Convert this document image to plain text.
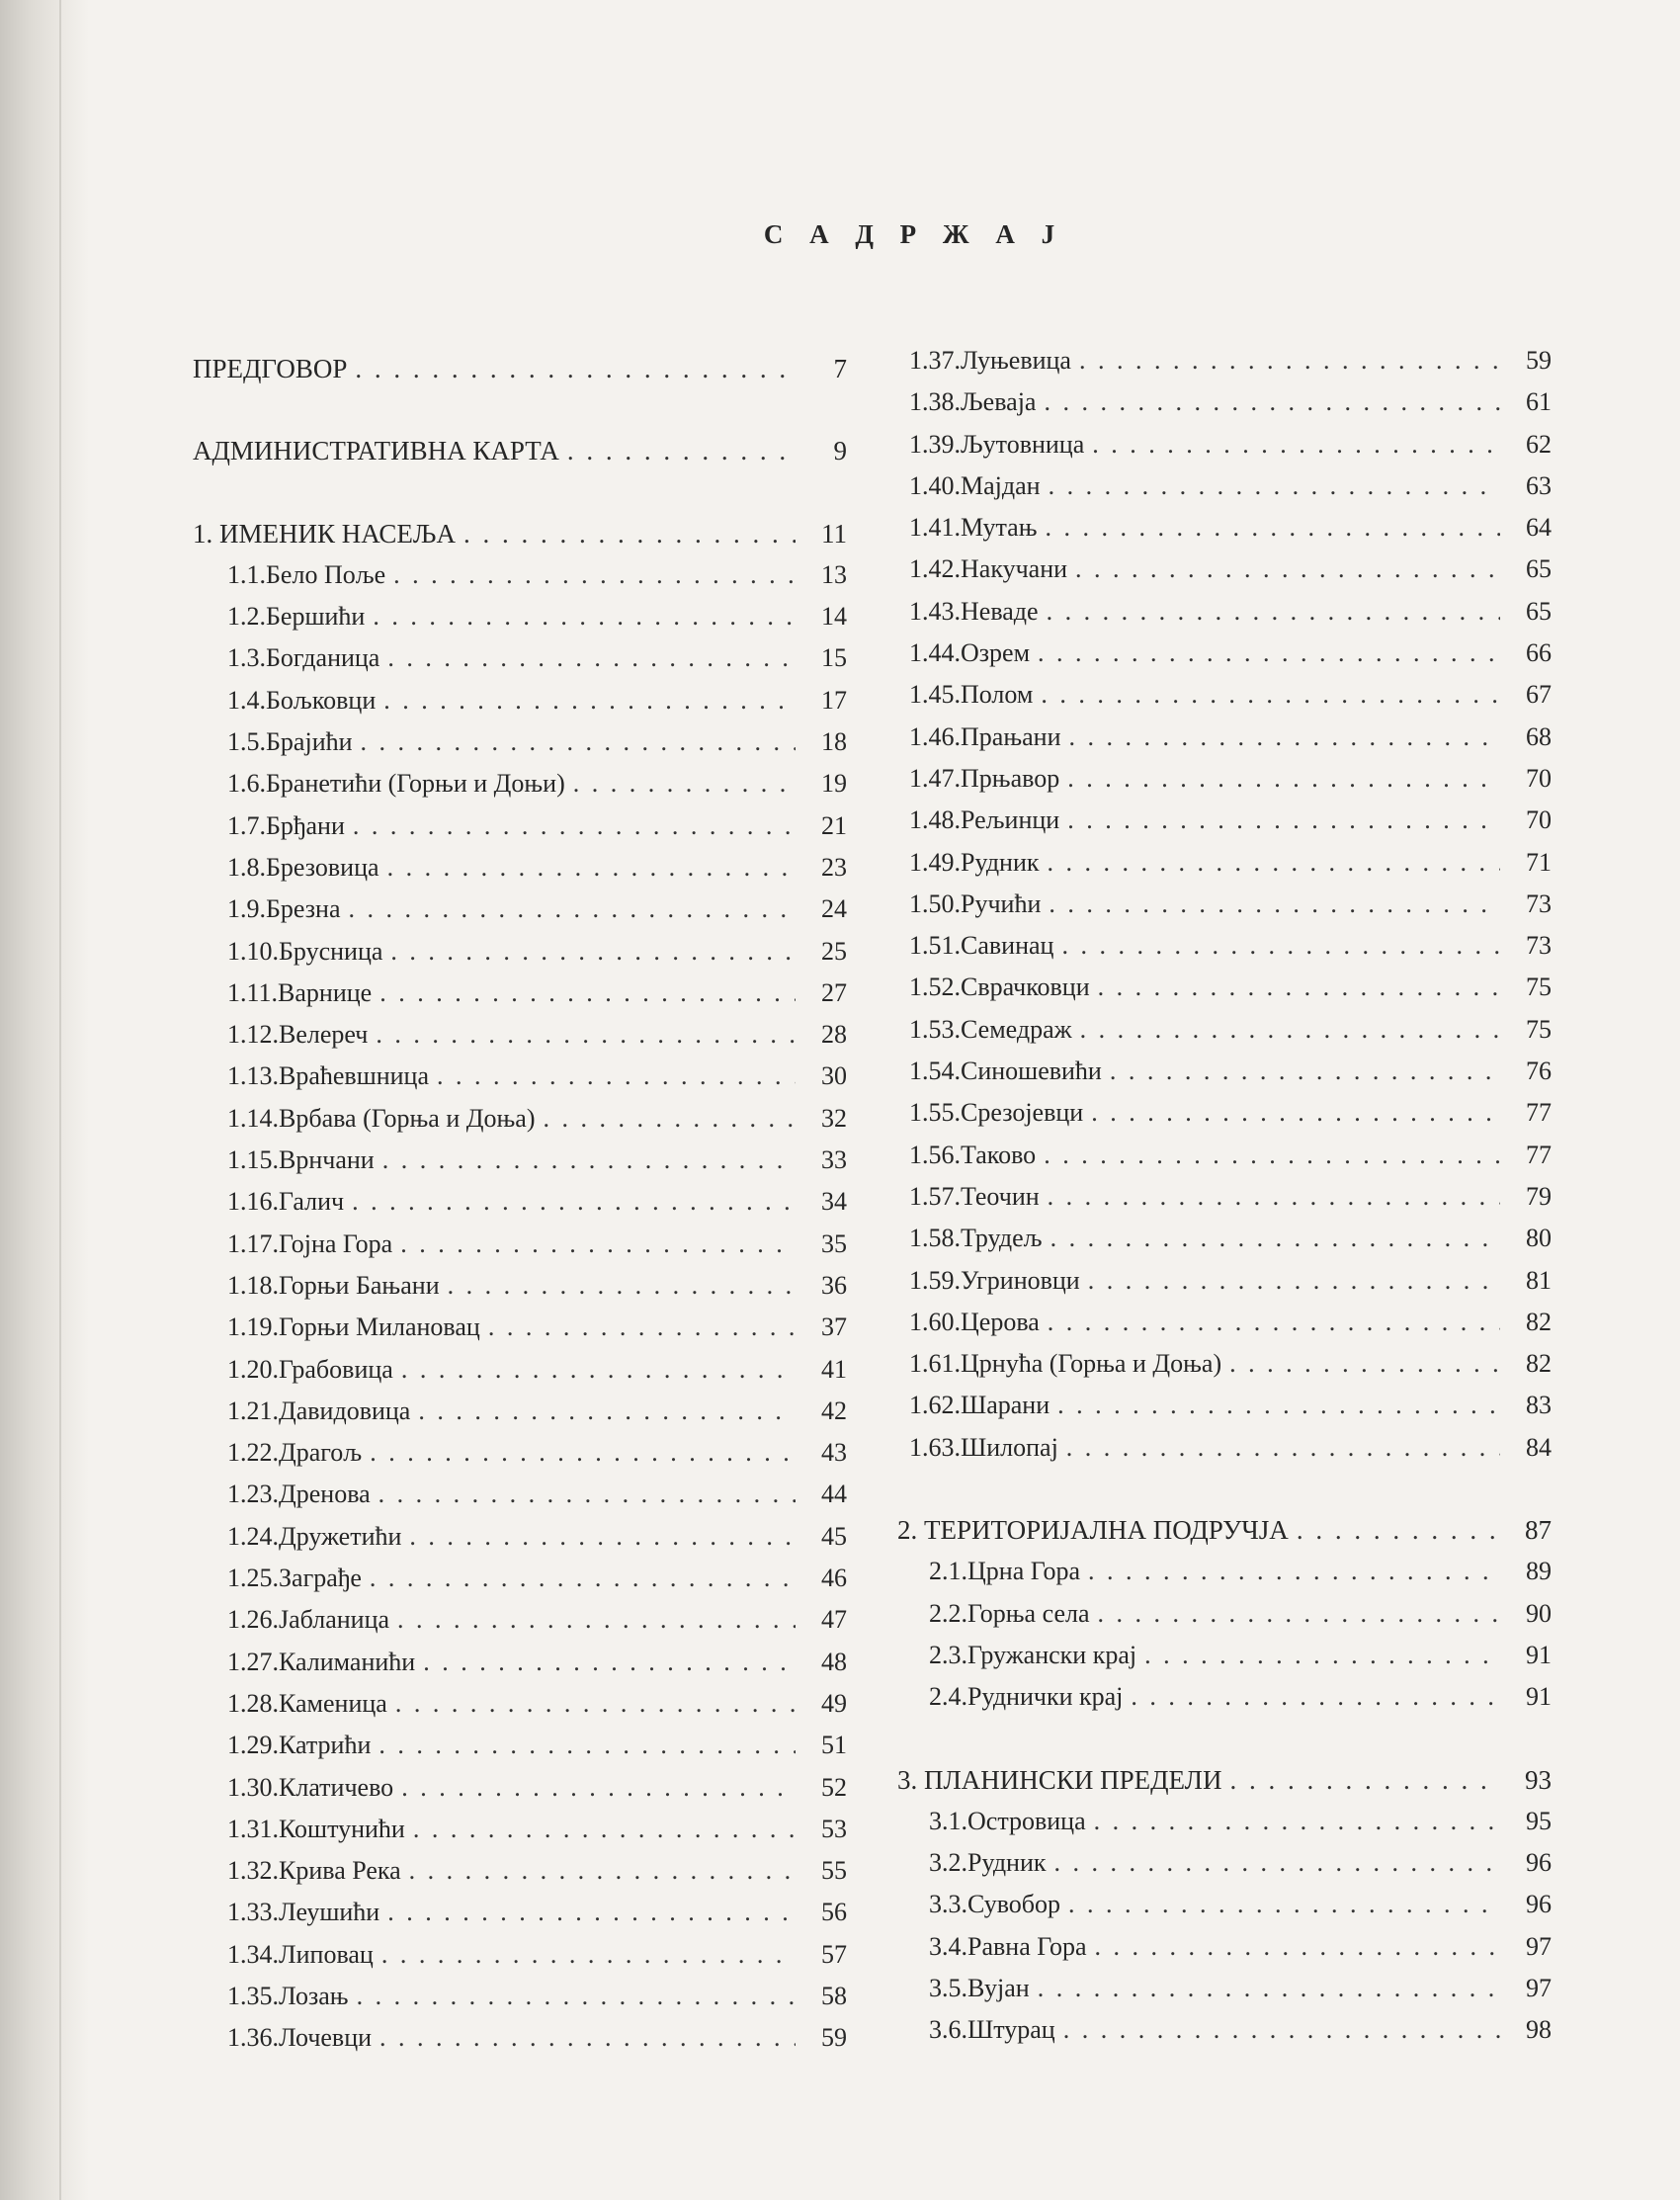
С А Д Р Ж А Ј
ПРЕДГОВОР . . .	7
АДМИНИСТРАТИВНА КАРТА . . .	9
1. ИМЕНИК НАСЕЉА . . .	11
1.1. Бело Поље . . .	13
1.2. Бершићи . . .	14
1.3. Богданица . . .	15
1.4. Бољковци . . .	17
1.5. Брајићи . . .	18
1.6. Бранетићи (Горњи и Доњи) . . .	19
1.7. Брђани . . .	21
1.8. Брезовица . . .	23
1.9. Брезна . . .	24
1.10. Брусница . . .	25
1.11. Варнице . . .	27
1.12. Велереч . . .	28
1.13. Враћевшница . . .	30
1.14. Врбава (Горња и Доња) . . .	32
1.15. Врнчани . . .	33
1.16. Галич . . .	34
1.17. Гојна Гора . . .	35
1.18. Горњи Бањани . . .	36
1.19. Горњи Милановац . . .	37
1.20. Грабовица . . .	41
1.21. Давидовица . . .	42
1.22. Драгољ . . .	43
1.23. Дренова . . .	44
1.24. Дружетићи . . .	45
1.25. Заграђе . . .	46
1.26. Јабланица . . .	47
1.27. Калиманићи . . .	48
1.28. Каменица . . .	49
1.29. Катрићи . . .	51
1.30. Клатичево . . .	52
1.31. Коштунићи . . .	53
1.32. Крива Река . . .	55
1.33. Леушићи . . .	56
1.34. Липовац . . .	57
1.35. Лозањ . . .	58
1.36. Лочевци . . .	59
1.37. Луњевица . . .	59
1.38. Љеваја . . .	61
1.39. Љутовница . . .	62
1.40. Мајдан . . .	63
1.41. Мутањ . . .	64
1.42. Накучани . . .	65
1.43. Неваде . . .	65
1.44. Озрем . . .	66
1.45. Полом . . .	67
1.46. Прањани . . .	68
1.47. Прњавор . . .	70
1.48. Рељинци . . .	70
1.49. Рудник . . .	71
1.50. Ручићи . . .	73
1.51. Савинац . . .	73
1.52. Сврачковци . . .	75
1.53. Семедраж . . .	75
1.54. Синошевићи . . .	76
1.55. Срезојевци . . .	77
1.56. Таково . . .	77
1.57. Теочин . . .	79
1.58. Трудељ . . .	80
1.59. Угриновци . . .	81
1.60. Церова . . .	82
1.61. Црнућа (Горња и Доња) . . .	82
1.62. Шарани . . .	83
1.63. Шилопај . . .	84
2. ТЕРИТОРИЈАЛНА ПОДРУЧЈА . . .	87
2.1. Црна Гора . . .	89
2.2. Горња села . . .	90
2.3. Гружански крај . . .	91
2.4. Руднички крај . . .	91
3. ПЛАНИНСКИ ПРЕДЕЛИ . . .	93
3.1. Островица . . .	95
3.2. Рудник . . .	96
3.3. Сувобор . . .	96
3.4. Равна Гора . . .	97
3.5. Вујан . . .	97
3.6. Штурац . . .	98
